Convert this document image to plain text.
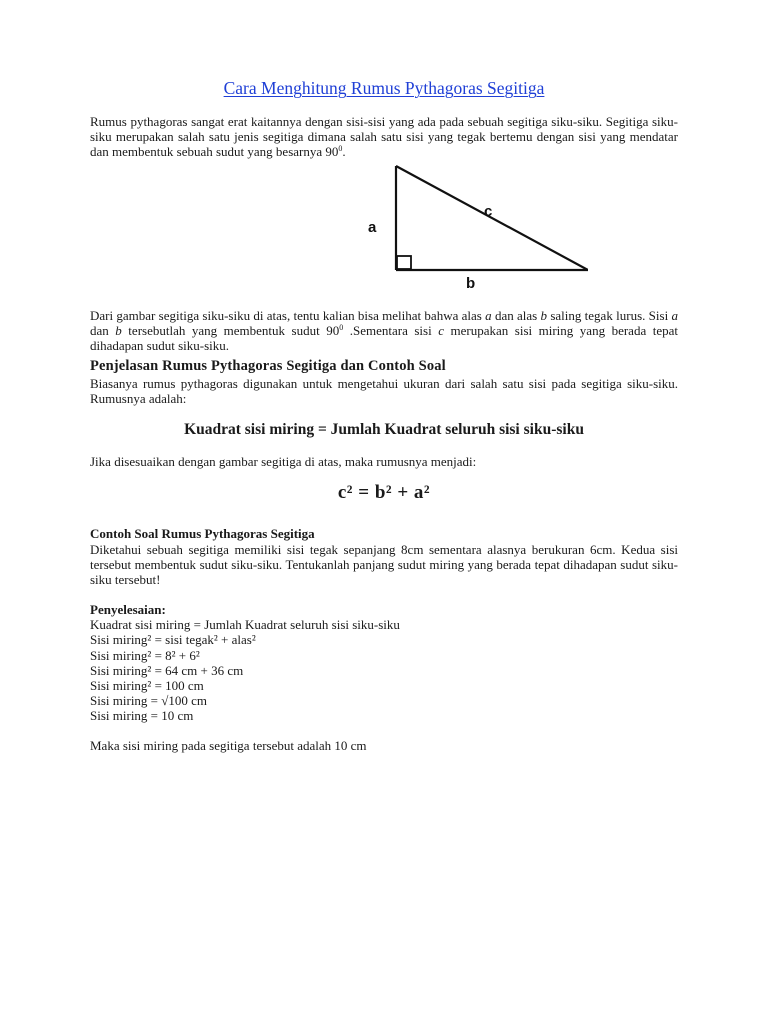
Cara Menghitung Rumus Pythagoras Segitiga
Rumus pythagoras sangat erat kaitannya dengan sisi-sisi yang ada pada sebuah segitiga siku-siku. Segitiga siku-siku merupakan salah satu jenis segitiga dimana salah satu sisi yang tegak bertemu dengan sisi yang mendatar dan membentuk sebuah sudut yang besarnya $90^0$.
a
b
c
Dari gambar segitiga siku-siku di atas, tentu kalian bisa melihat bahwa alas a dan alas b saling tegak lurus. Sisi a dan b tersebutlah yang membentuk sudut $90^0$ .Sementara sisi c merupakan sisi miring yang berada tepat dihadapan sudut siku-siku.
Penjelasan Rumus Pythagoras Segitiga dan Contoh Soal
Biasanya rumus pythagoras digunakan untuk mengetahui ukuran dari salah satu sisi pada segitiga siku-siku. Rumusnya adalah:
Kuadrat sisi miring = Jumlah Kuadrat seluruh sisi siku-siku
Jika disesuaikan dengan gambar segitiga di atas, maka rumusnya menjadi:
c² = b² + a²
Contoh Soal Rumus Pythagoras Segitiga
Diketahui sebuah segitiga memiliki sisi tegak sepanjang 8cm sementara alasnya berukuran 6cm. Kedua sisi tersebut membentuk sudut siku-siku. Tentukanlah panjang sudut miring yang berada tepat dihadapan sudut siku-siku tersebut!
Penyelesaian:
Kuadrat sisi miring = Jumlah Kuadrat seluruh sisi siku-siku
Sisi miring² = sisi tegak² + alas²
Sisi miring² = 8² + 6²
Sisi miring² = 64 cm + 36 cm
Sisi miring² = 100 cm
Sisi miring = √100 cm
Sisi miring = 10 cm
Maka sisi miring pada segitiga tersebut adalah 10 cm
